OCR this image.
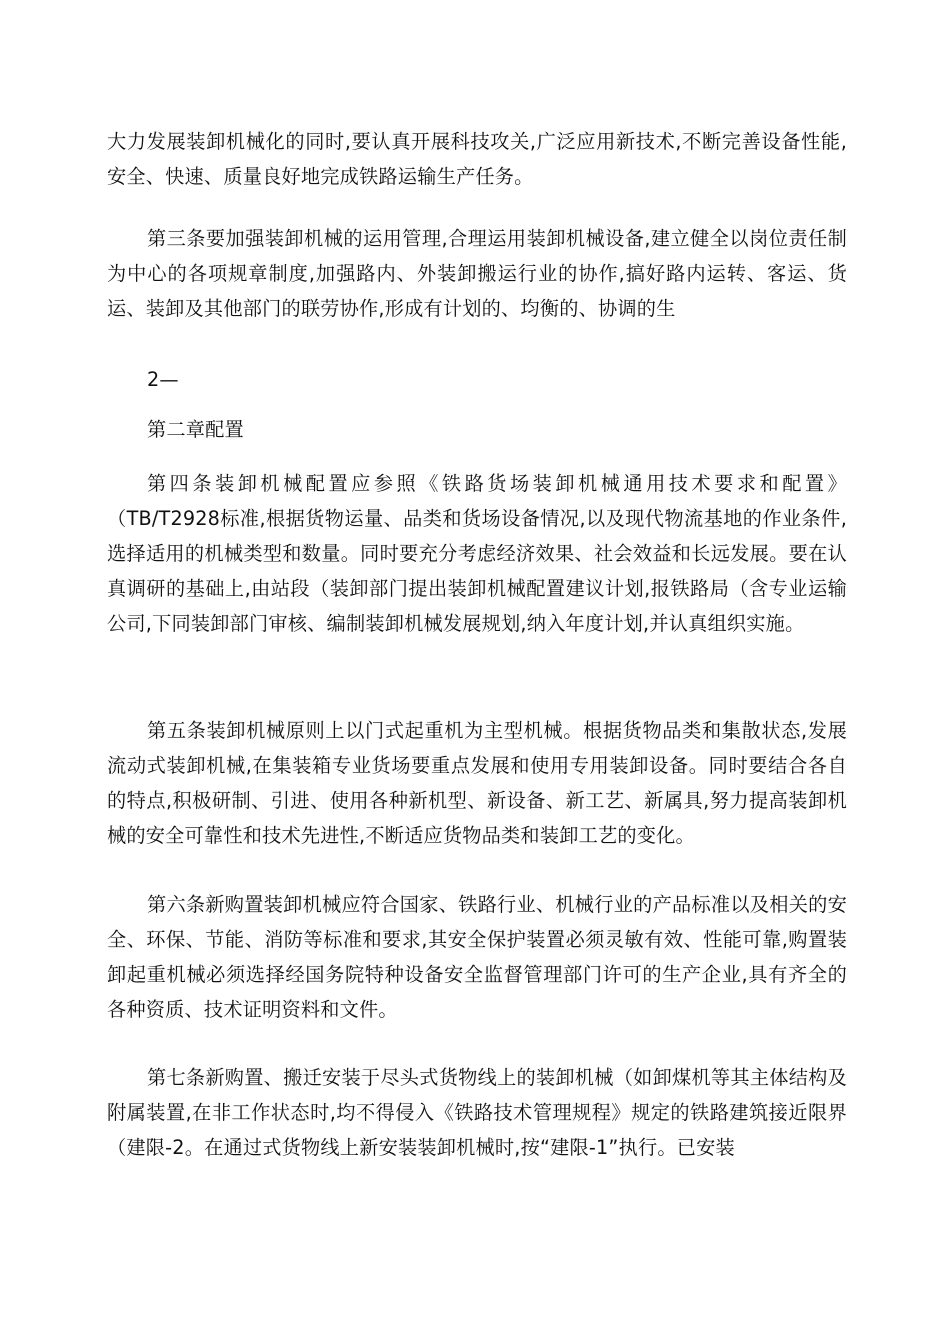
大力发展装卸机械化的同时,要认真开展科技攻关,广泛应用新技术,不断完善设备性能,安全、快速、质量良好地完成铁路运输生产任务。

第三条要加强装卸机械的运用管理,合理运用装卸机械设备,建立健全以岗位责任制为中心的各项规章制度,加强路内、外装卸搬运行业的协作,搞好路内运转、客运、货运、装卸及其他部门的联劳协作,形成有计划的、均衡的、协调的生

2—

第二章配置

第四条装卸机械配置应参照《铁路货场装卸机械通用技术要求和配置》（TB/T2928标准,根据货物运量、品类和货场设备情况,以及现代物流基地的作业条件,选择适用的机械类型和数量。同时要充分考虑经济效果、社会效益和长远发展。要在认真调研的基础上,由站段（装卸部门提出装卸机械配置建议计划,报铁路局（含专业运输公司,下同装卸部门审核、编制装卸机械发展规划,纳入年度计划,并认真组织实施。

第五条装卸机械原则上以门式起重机为主型机械。根据货物品类和集散状态,发展流动式装卸机械,在集装箱专业货场要重点发展和使用专用装卸设备。同时要结合各自的特点,积极研制、引进、使用各种新机型、新设备、新工艺、新属具,努力提高装卸机械的安全可靠性和技术先进性,不断适应货物品类和装卸工艺的变化。

第六条新购置装卸机械应符合国家、铁路行业、机械行业的产品标准以及相关的安全、环保、节能、消防等标准和要求,其安全保护装置必须灵敏有效、性能可靠,购置装卸起重机械必须选择经国务院特种设备安全监督管理部门许可的生产企业,具有齐全的各种资质、技术证明资料和文件。

第七条新购置、搬迁安装于尽头式货物线上的装卸机械（如卸煤机等其主体结构及附属装置,在非工作状态时,均不得侵入《铁路技术管理规程》规定的铁路建筑接近限界（建限-2。在通过式货物线上新安装装卸机械时,按“建限-1”执行。已安装
